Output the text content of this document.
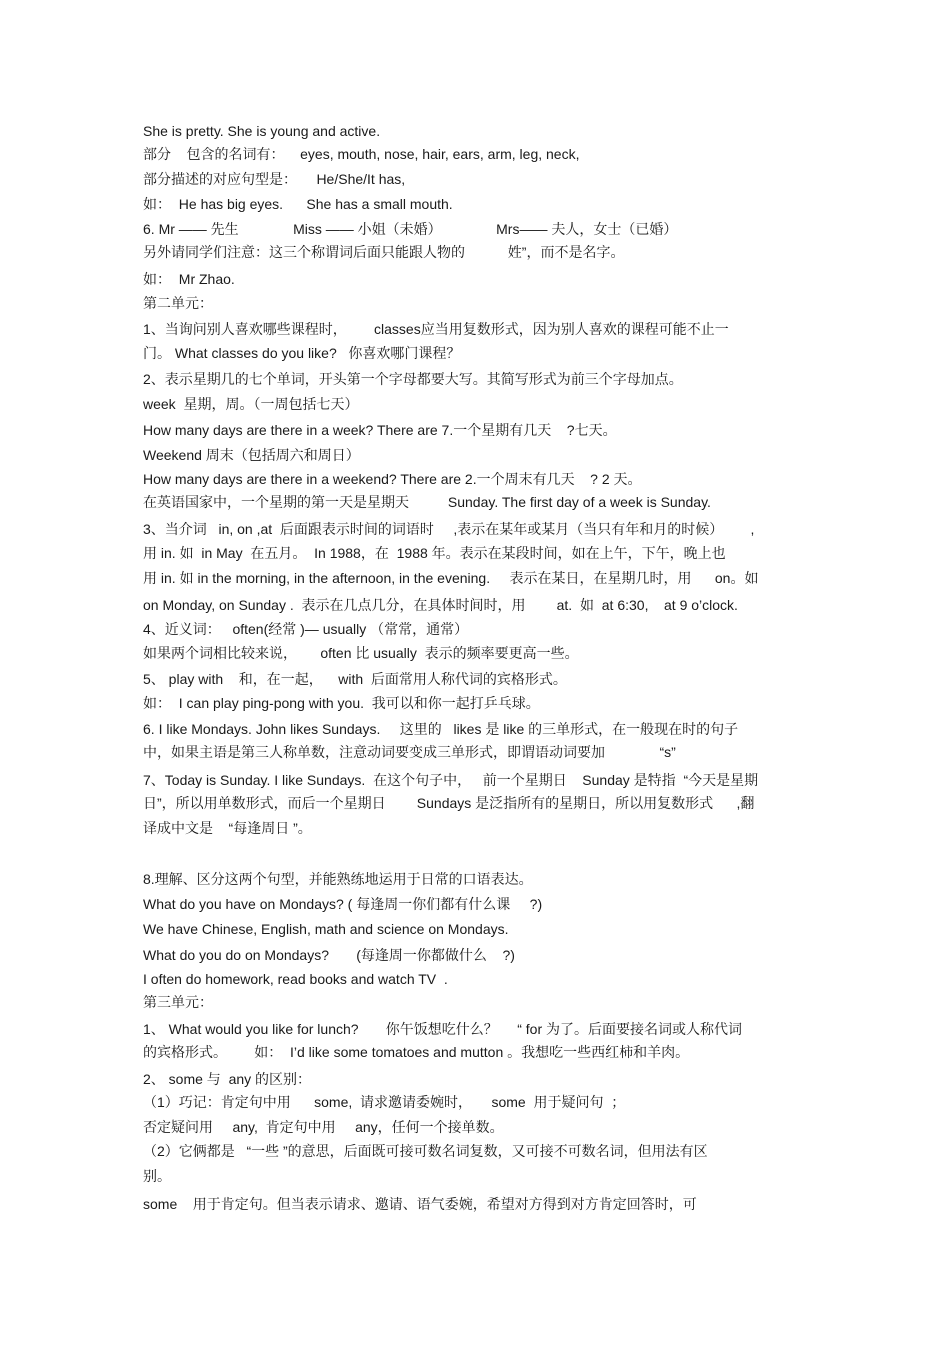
She is pretty. She is young and active.
部分    包含的名词有：    eyes, mouth, nose, hair, ears, arm, leg, neck,
部分描述的对应句型是：     He/She/It has,
如：  He has big eyes.      She has a small mouth.
6. Mr —— 先生              Miss —— 小姐（未婚）              Mrs—— 夫人，女士（已婚）
另外请同学们注意：这三个称谓词后面只能跟人物的           姓”，而不是名字。
如：  Mr Zhao.
第二单元：
1、当询问别人喜欢哪些课程时，       classes应当用复数形式，因为别人喜欢的课程可能不止一
门。 What classes do you like?   你喜欢哪门课程？
2、表示星期几的七个单词，开头第一个字母都要大写。其简写形式为前三个字母加点。
week  星期，周。（一周包括七天）
How many days are there in a week? There are 7.一个星期有几天    ?七天。
Weekend 周末（包括周六和周日）
How many days are there in a weekend? There are 2.一个周末有几天    ? 2 天。
在英语国家中，一个星期的第一天是星期天          Sunday. The first day of a week is Sunday.
3、当介词   in, on ,at  后面跟表示时间的词语时     ,表示在某年或某月（当只有年和月的时候）       ,
用 in. 如  in May  在五月。  In 1988，在  1988 年。表示在某段时间，如在上午，下午，晚上也
用 in. 如 in the morning, in the afternoon, in the evening.     表示在某日，在星期几时，用      on。如
on Monday, on Sunday .  表示在几点几分，在具体时间时，用        at.  如  at 6:30,    at 9 o’clock.
4、近义词：   often(经常 )— usually （常常，通常）
如果两个词相比较来说，      often 比 usually  表示的频率要更高一些。
5、 play with    和，在一起，    with  后面常用人称代词的宾格形式。
如：  I can play ping-pong with you.  我可以和你一起打乒乓球。
6. I like Mondays. John likes Sundays.     这里的   likes 是 like 的三单形式，在一般现在时的句子
中，如果主语是第三人称单数，注意动词要变成三单形式，即谓语动词要加              “s”
7、Today is Sunday. I like Sundays.  在这个句子中，   前一个星期日    Sunday 是特指  “今天是星期
日”，所以用单数形式，而后一个星期日        Sundays 是泛指所有的星期日，所以用复数形式      ,翻
译成中文是    “每逢周日 ”。
8.理解、区分这两个句型，并能熟练地运用于日常的口语表达。
What do you have on Mondays? ( 每逢周一你们都有什么课     ?)
We have Chinese, English, math and science on Mondays.
What do you do on Mondays?       (每逢周一你都做什么    ?)
I often do homework, read books and watch TV  .
第三单元：
1、 What would you like for lunch?       你午饭想吃什么？     “ for 为了。后面要接名词或人称代词
的宾格形式。       如：  I’d like some tomatoes and mutton 。我想吃一些西红柿和羊肉。
2、 some 与  any 的区别：
（1）巧记：肯定句中用      some,  请求邀请委婉时，     some  用于疑问句  ；
否定疑问用     any,  肯定句中用     any，任何一个接单数。
（2）它俩都是   “一些 ”的意思，后面既可接可数名词复数，又可接不可数名词，但用法有区
别。
some    用于肯定句。但当表示请求、邀请、语气委婉，希望对方得到对方肯定回答时，可
